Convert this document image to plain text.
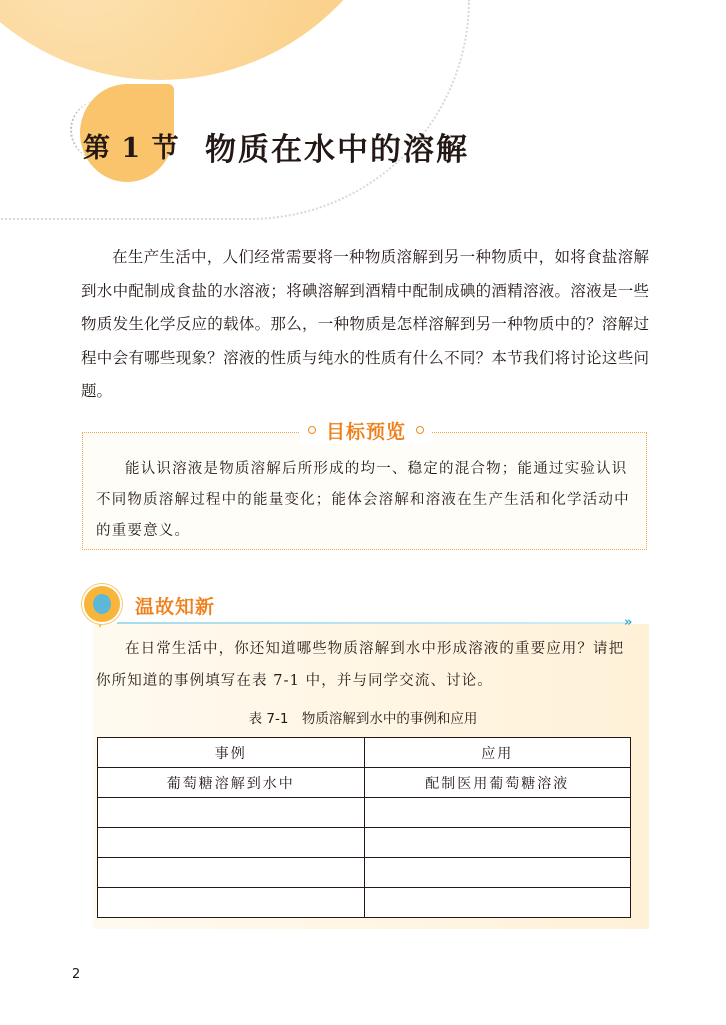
第 1 节 物质在水中的溶解

在生产生活中，人们经常需要将一种物质溶解到另一种物质中，如将食盐溶解到水中配制成食盐的水溶液；将碘溶解到酒精中配制成碘的酒精溶液。溶液是一些物质发生化学反应的载体。那么，一种物质是怎样溶解到另一种物质中的？溶解过程中会有哪些现象？溶液的性质与纯水的性质有什么不同？本节我们将讨论这些问题。

目标预览

能认识溶液是物质溶解后所形成的均一、稳定的混合物；能通过实验认识不同物质溶解过程中的能量变化；能体会溶解和溶液在生产生活和化学活动中的重要意义。

温故知新
»

在日常生活中，你还知道哪些物质溶解到水中形成溶液的重要应用？请把你所知道的事例填写在表 7-1 中，并与同学交流、讨论。

表 7-1　物质溶解到水中的事例和应用
事例	应用
葡萄糖溶解到水中	配制医用葡萄糖溶液

2
